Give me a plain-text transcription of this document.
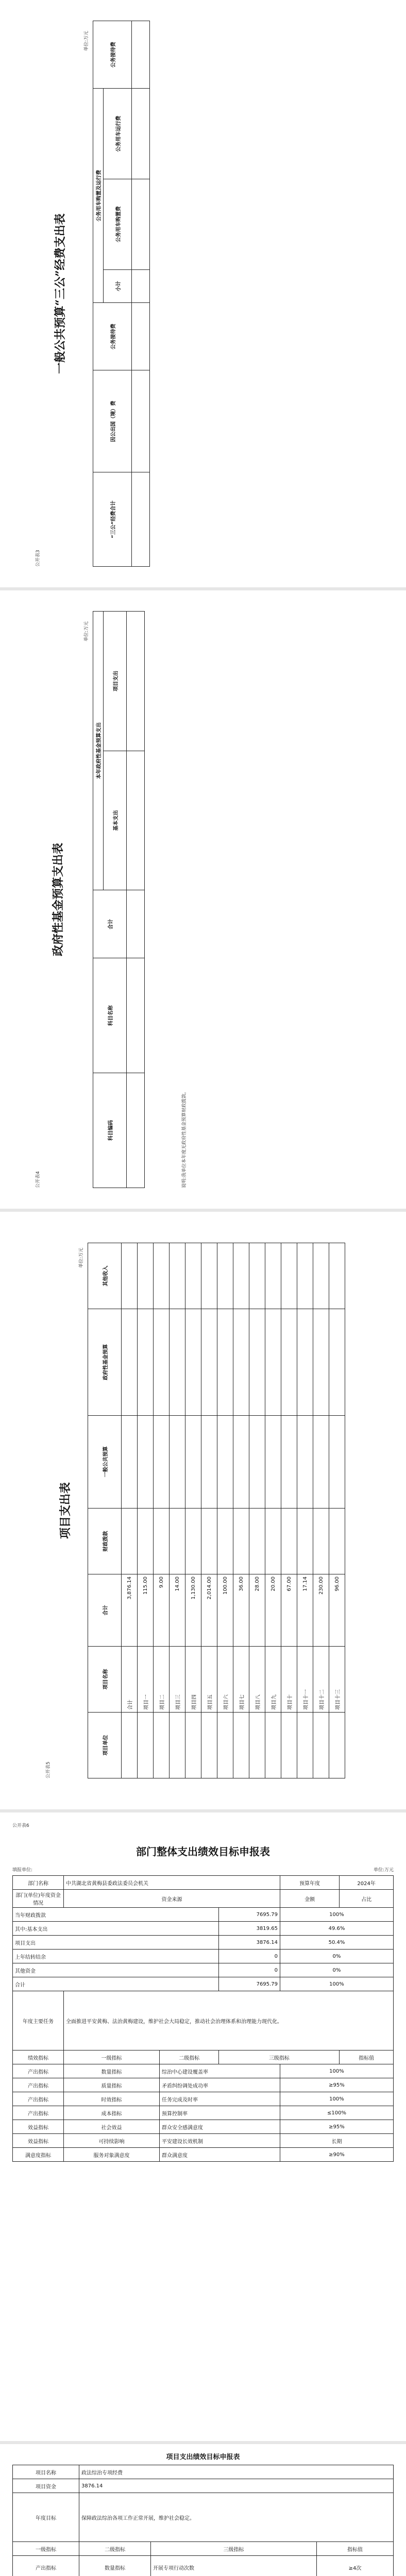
公开表3
一般公共预算“三公”经费支出表
单位:万元
“三公”经费合计	因公出国（境）费	公务接待费	公务用车购置及运行费			公务接待费
			小计	公务用车购置费	公务用车运行费	

公开表4
政府性基金预算支出表
单位:万元
科目编码	科目名称	合计	本年政府性基金预算支出	
			基本支出	项目支出

说明:我单位本年度无政府性基金预算财政拨款。
公开表5
项目支出表
单位:万元
项目单位	项目名称	合计	财政拨款	一般公共预算	政府性基金预算	其他收入
	合计	3,876.14				
	项目一	115.00				
	项目二	9.00				
	项目三	14.00				
	项目四	1,130.00				
	项目五	2,014.00				
	项目六	100.00				
	项目七	36.00				
	项目八	28.00				
	项目九	20.00				
	项目十	67.00				
	项目十一	17.14				
	项目十二	230.00				
	项目十三	96.00				
公开表6
部门整体支出绩效目标申报表
填报单位:	单位:万元
部门名称	中共湖北省黄梅县委政法委员会机关	预算年度	2024年
部门(单位)年度资金情况	资金来源	金额	占比
当年财政拨款	7695.79	100%
其中:基本支出	3819.65	49.6%
项目支出	3876.14	50.4%
上年结转结余	0	0%
其他资金	0	0%
合计	7695.79	100%
年度主要任务	全面推进平安黄梅、法治黄梅建设，维护社会大局稳定，推动社会治理体系和治理能力现代化。
绩效指标	一级指标	二级指标	三级指标	指标值
产出指标	数量指标	综治中心建设覆盖率	100%
产出指标	质量指标	矛盾纠纷调处成功率	≥95%
产出指标	时效指标	任务完成及时率	100%
产出指标	成本指标	预算控制率	≤100%
效益指标	社会效益	群众安全感满意度	≥95%
效益指标	可持续影响	平安建设长效机制	长期
满意度指标	服务对象满意度	群众满意度	≥90%
项目支出绩效目标申报表
项目名称	政法综治专项经费		
项目资金	3876.14		
年度目标	保障政法综治各项工作正常开展，维护社会稳定。		
一级指标	二级指标	三级指标	指标值
产出指标	数量指标	开展专项行动次数	≥4次
